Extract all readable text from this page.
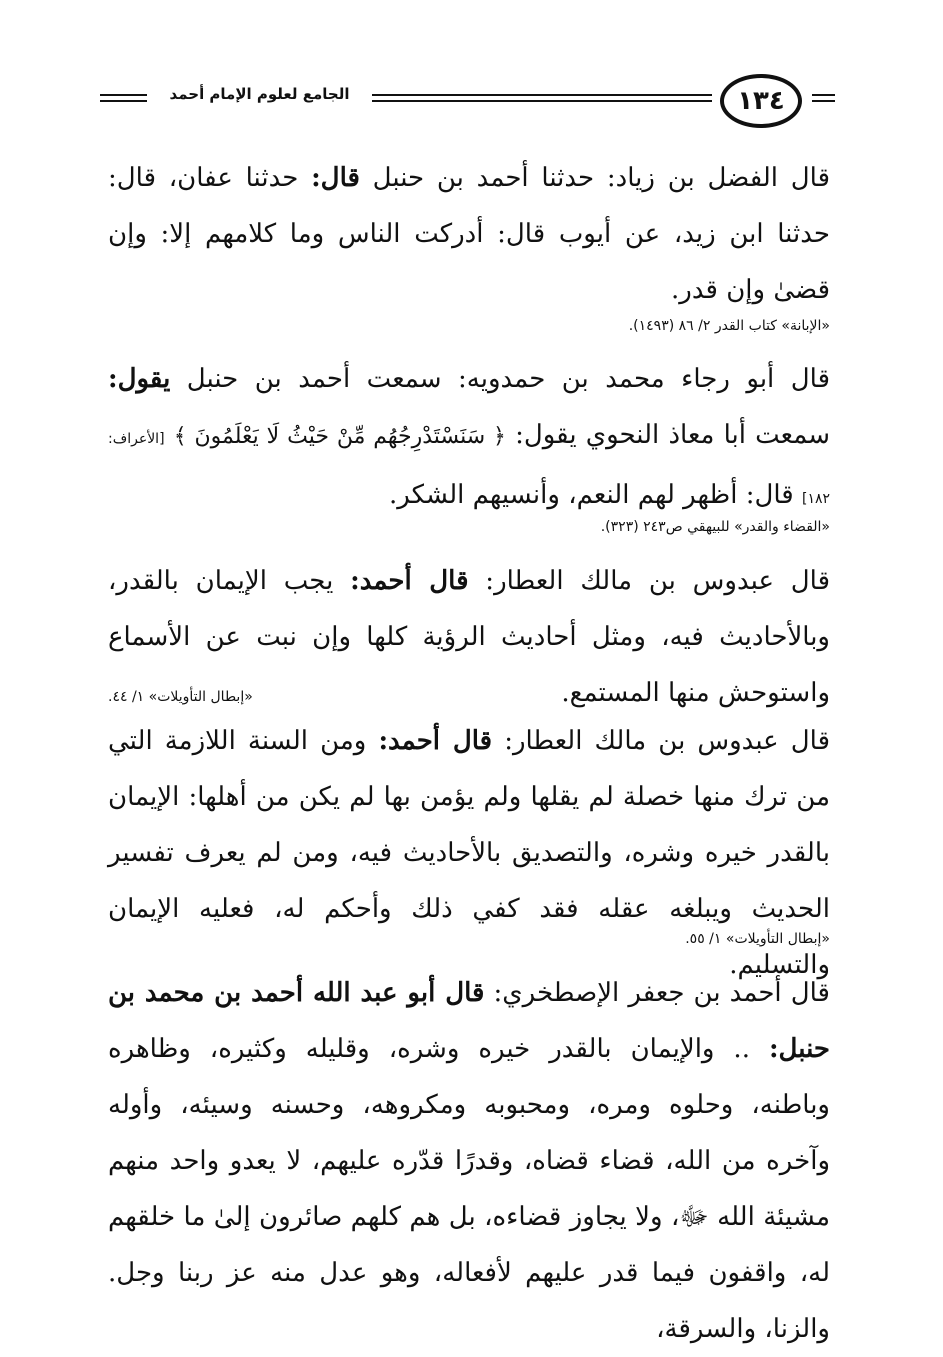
الجامع لعلوم الإمام أحمد	١٣٤
قال الفضل بن زياد: حدثنا أحمد بن حنبل قال: حدثنا عفان، قال: حدثنا ابن زيد، عن أيوب قال: أدركت الناس وما كلامهم إلا: وإن قضىٰ وإن قدر.
«الإبانة» كتاب القدر ٢/ ٨٦ (١٤٩٣).
قال أبو رجاء محمد بن حمدويه: سمعت أحمد بن حنبل يقول: سمعت أبا معاذ النحوي يقول: ﴿ سَنَسْتَدْرِجُهُم مِّنْ حَيْثُ لَا يَعْلَمُونَ ﴾ [الأعراف: ١٨٢] قال: أظهر لهم النعم، وأنسيهم الشكر.
«القضاء والقدر» للبيهقي ص٢٤٣ (٣٢٣).
قال عبدوس بن مالك العطار: قال أحمد: يجب الإيمان بالقدر، وبالأحاديث فيه، ومثل أحاديث الرؤية كلها وإن نبت عن الأسماع واستوحش منها المستمع.
«إبطال التأويلات» ١/ ٤٤.
قال عبدوس بن مالك العطار: قال أحمد: ومن السنة اللازمة التي من ترك منها خصلة لم يقلها ولم يؤمن بها لم يكن من أهلها: الإيمان بالقدر خيره وشره، والتصديق بالأحاديث فيه، ومن لم يعرف تفسير الحديث ويبلغه عقله فقد كفي ذلك وأحكم له، فعليه الإيمان والتسليم.
«إبطال التأويلات» ١/ ٥٥.
قال أحمد بن جعفر الإصطخري: قال أبو عبد الله أحمد بن محمد بن حنبل: .. والإيمان بالقدر خيره وشره، وقليله وكثيره، وظاهره وباطنه، وحلوه ومره، ومحبوبه ومكروهه، وحسنه وسيئه، وأوله وآخره من الله، قضاء قضاه، وقدرًا قدّره عليهم، لا يعدو واحد منهم مشيئة الله ﷻ، ولا يجاوز قضاءه، بل هم كلهم صائرون إلىٰ ما خلقهم له، واقفون فيما قدر عليهم لأفعاله، وهو عدل منه عز ربنا وجل. والزنا، والسرقة،
